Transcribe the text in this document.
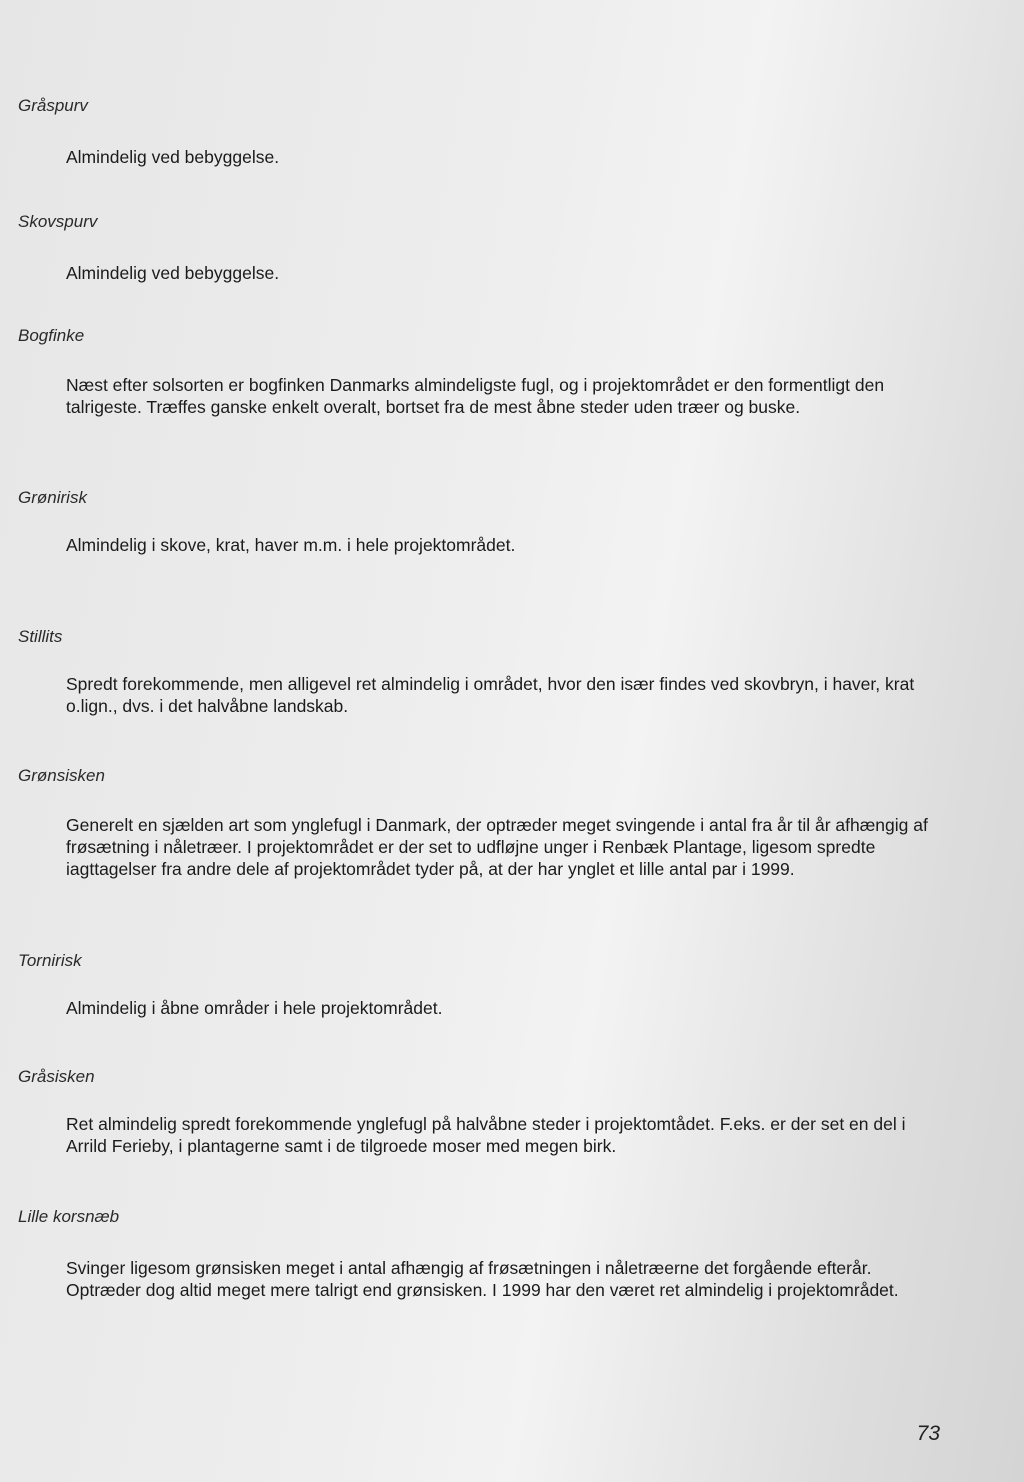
Gråspurv

Almindelig ved bebyggelse.

Skovspurv

Almindelig ved bebyggelse.

Bogfinke

Næst efter solsorten er bogfinken Danmarks almindeligste fugl, og i projektområdet er den formentligt den talrigeste. Træffes ganske enkelt overalt, bortset fra de mest åbne steder uden træer og buske.

Grønirisk

Almindelig i skove, krat, haver m.m. i hele projektområdet.

Stillits

Spredt forekommende, men alligevel ret almindelig i området, hvor den især findes ved skovbryn, i haver, krat o.lign., dvs. i det halvåbne landskab.

Grønsisken

Generelt en sjælden art som ynglefugl i Danmark, der optræder meget svingende i antal fra år til år afhængig af frøsætning i nåletræer. I projektområdet er der set to udfløjne unger i Renbæk Plantage, ligesom spredte iagttagelser fra andre dele af projektområdet tyder på, at der har ynglet et lille antal par i 1999.

Tornirisk

Almindelig i åbne områder i hele projektområdet.

Gråsisken

Ret almindelig spredt forekommende ynglefugl på halvåbne steder i projektomtådet. F.eks. er der set en del i Arrild Ferieby, i plantagerne samt i de tilgroede moser med megen birk.

Lille korsnæb

Svinger ligesom grønsisken meget i antal afhængig af frøsætningen i nåletræerne det forgående efterår. Optræder dog altid meget mere talrigt end grønsisken. I 1999 har den været ret almindelig i projektområdet.

73
